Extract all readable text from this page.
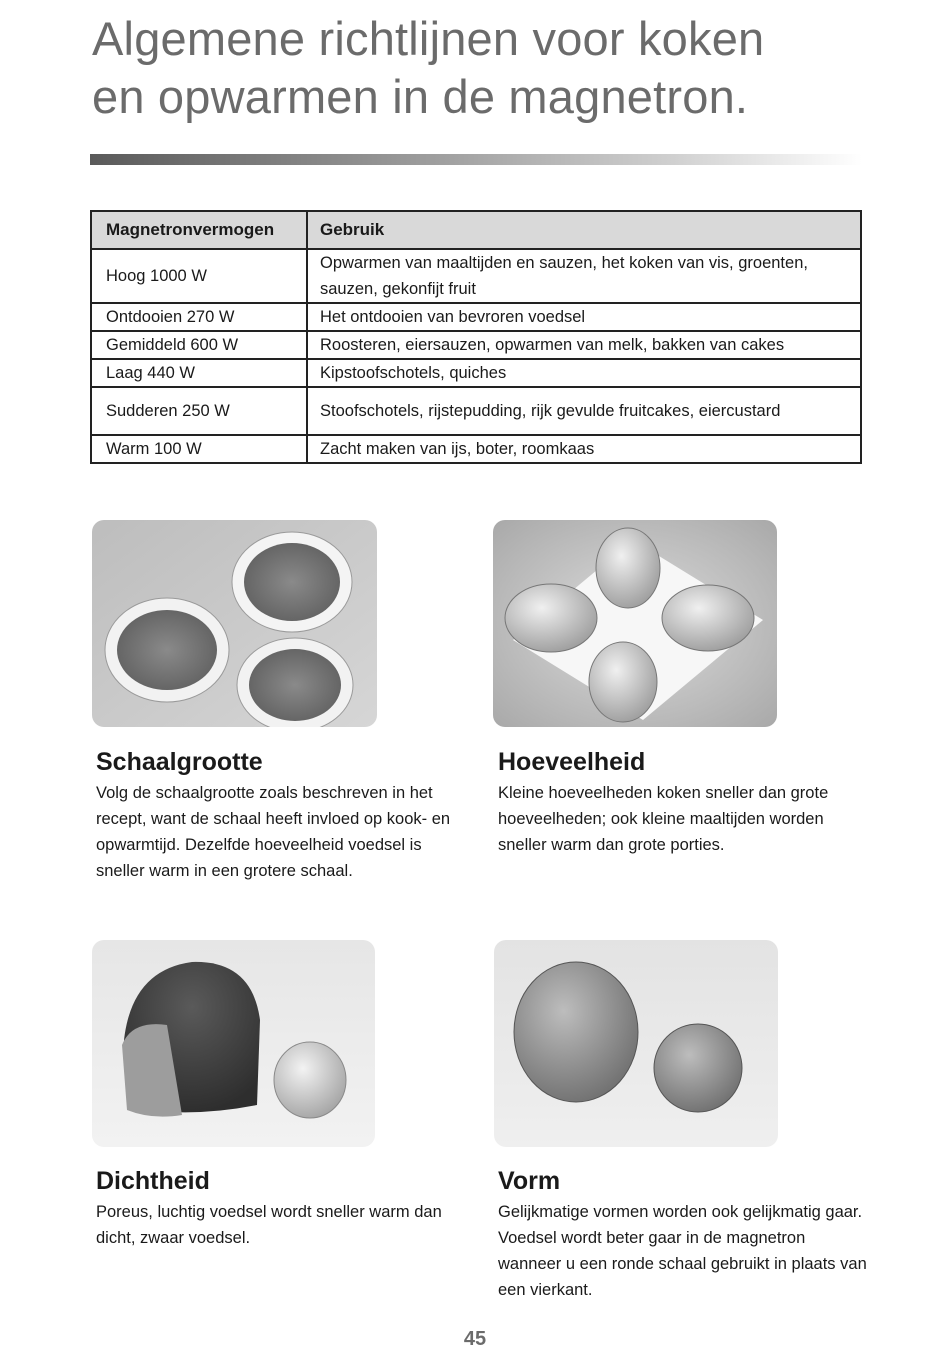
Algemene richtlijnen voor koken
en opwarmen in de magnetron.
Magnetronvermogen	Gebruik
Hoog 1000 W	Opwarmen van maaltijden en sauzen, het koken van vis, groenten, sauzen, gekonfijt fruit
Ontdooien 270 W	Het ontdooien van bevroren voedsel
Gemiddeld 600 W	Roosteren, eiersauzen, opwarmen van melk, bakken van cakes
Laag 440 W	Kipstoofschotels, quiches
Sudderen 250 W	Stoofschotels, rijstepudding, rijk gevulde fruitcakes, eiercustard
Warm 100 W	Zacht maken van ijs, boter, roomkaas
Schaalgrootte

Volg de schaalgrootte zoals beschreven in het recept, want de schaal heeft invloed op kook- en opwarmtijd. Dezelfde hoeveelheid voedsel is sneller warm in een grotere schaal.

Hoeveelheid

Kleine hoeveelheden koken sneller dan grote hoeveelheden; ook kleine maaltijden worden sneller warm dan grote porties.

Dichtheid

Poreus, luchtig voedsel wordt sneller warm dan dicht, zwaar voedsel.

Vorm

Gelijkmatige vormen worden ook gelijkmatig gaar. Voedsel wordt beter gaar in de magnetron wanneer u een ronde schaal gebruikt in plaats van een vierkant.

45
